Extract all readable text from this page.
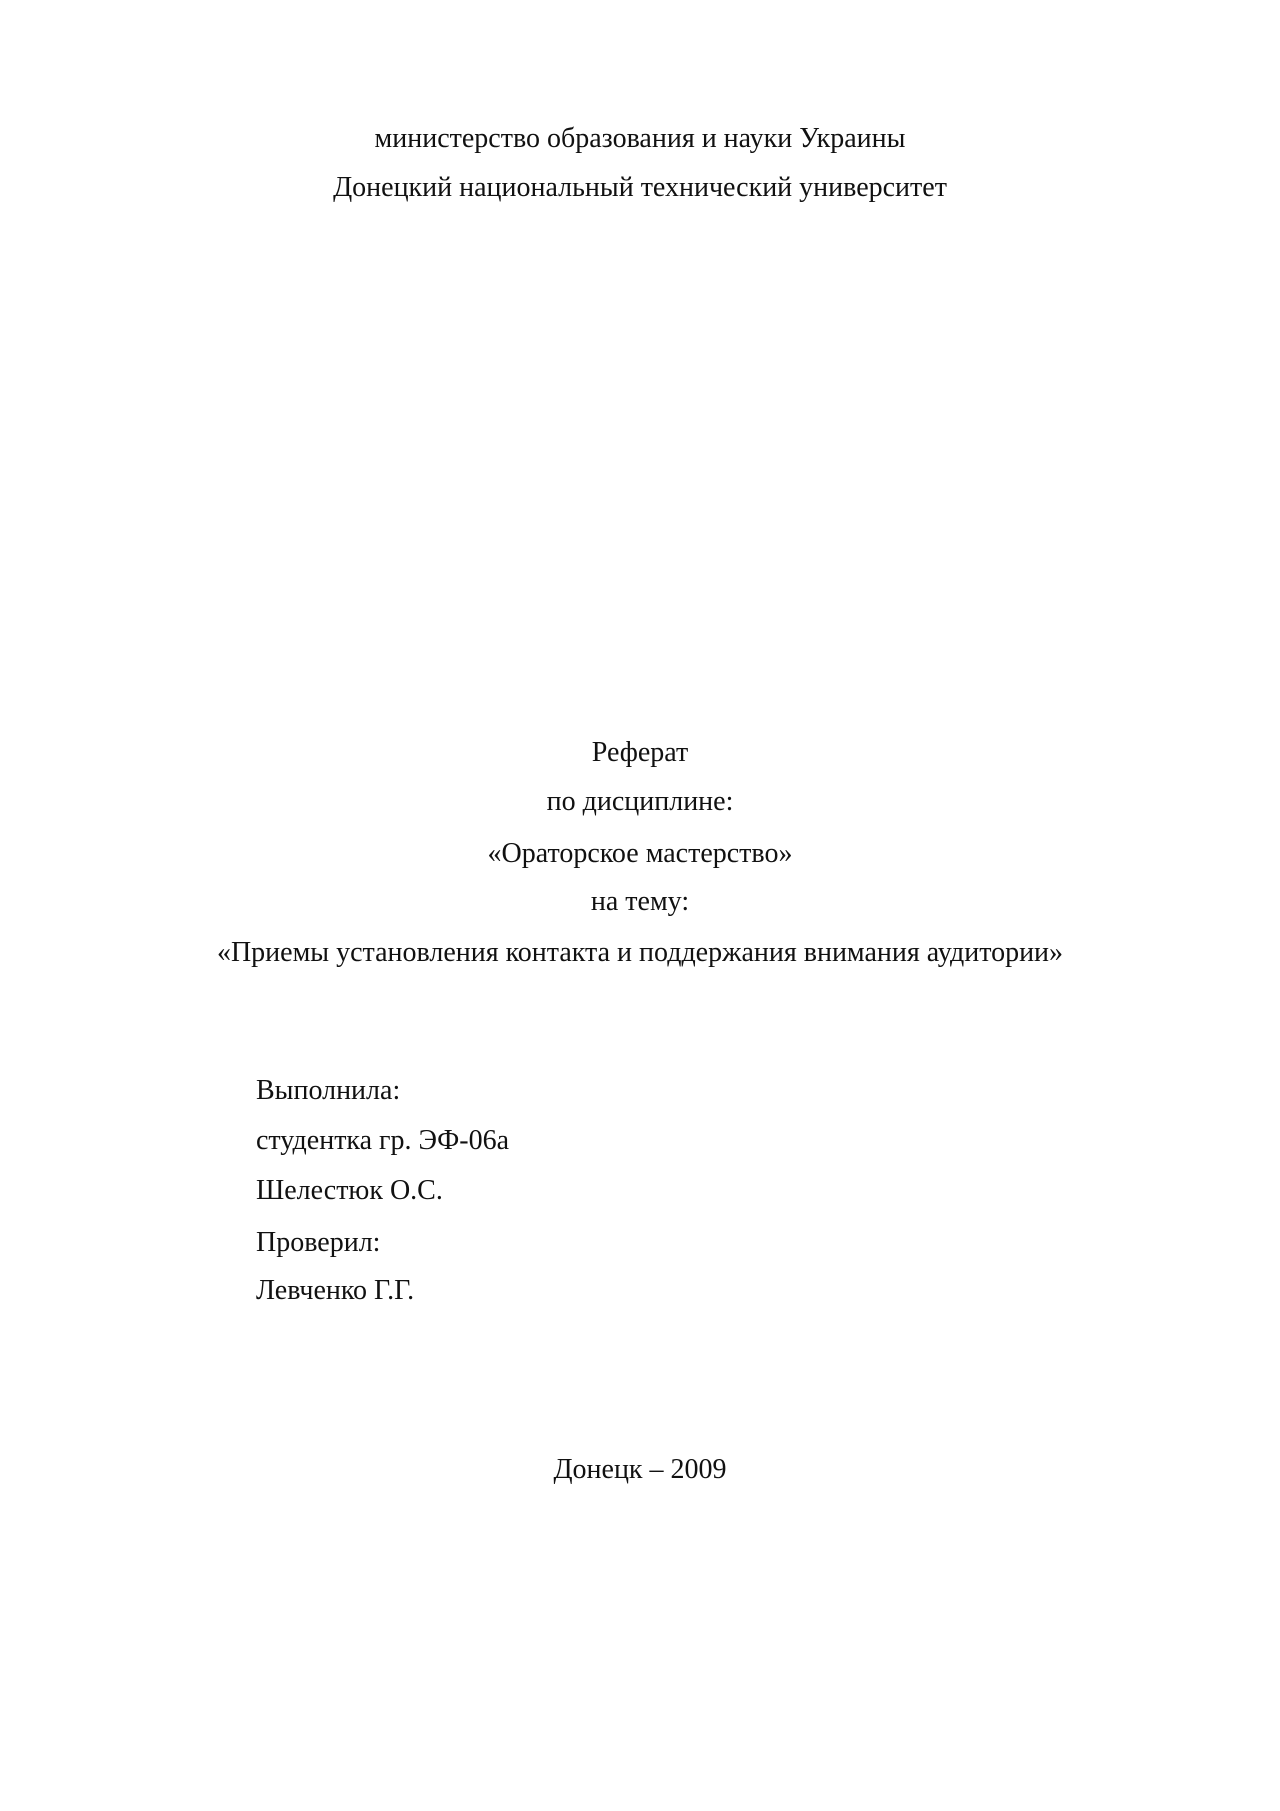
министерство образования и науки Украины
Донецкий национальный технический университет
Реферат
по дисциплине:
«Ораторское мастерство»
на тему:
«Приемы установления контакта и поддержания внимания аудитории»
Выполнила:
студентка гр. ЭФ-06а
Шелестюк О.С.
Проверил:
Левченко Г.Г.
Донецк – 2009
